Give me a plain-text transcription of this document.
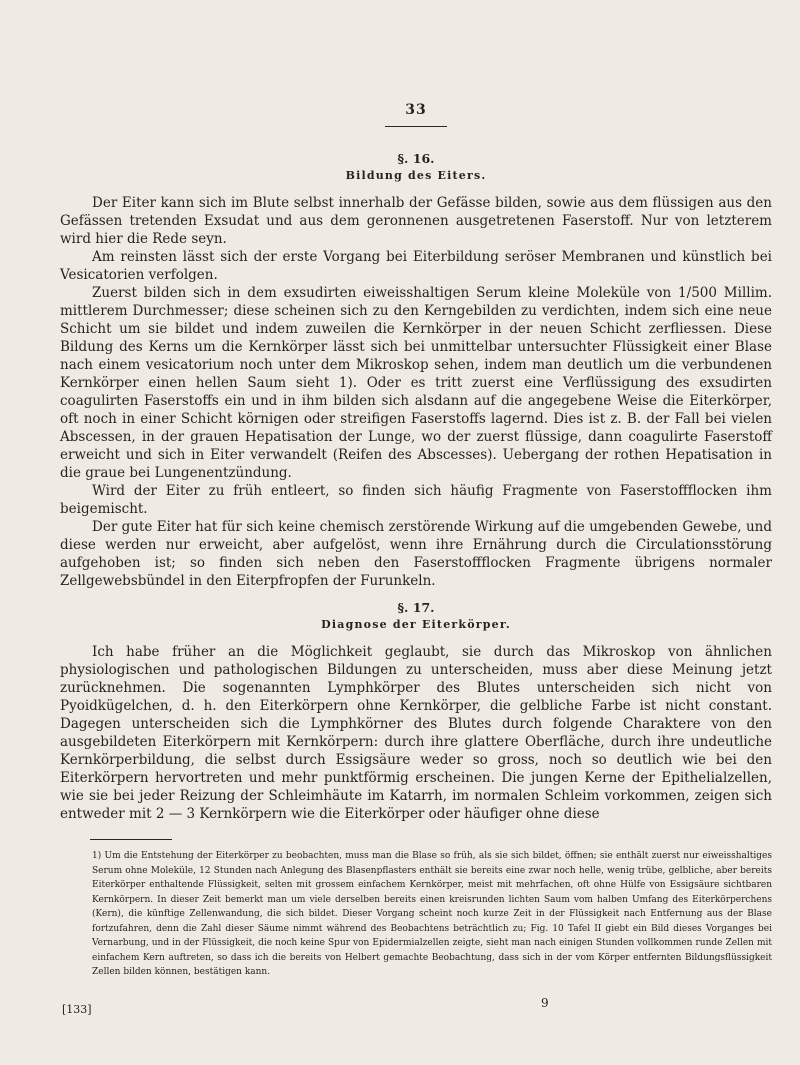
33
§. 16.
Bildung des Eiters.

Der Eiter kann sich im Blute selbst innerhalb der Gefässe bilden, sowie aus dem flüssigen aus den Gefässen tretenden Exsudat und aus dem geronnenen ausgetretenen Faserstoff. Nur von letzterem wird hier die Rede seyn.

Am reinsten lässt sich der erste Vorgang bei Eiterbildung seröser Membranen und künstlich bei Vesicatorien verfolgen.

Zuerst bilden sich in dem exsudirten eiweisshaltigen Serum kleine Moleküle von 1/500 Millim. mittlerem Durchmesser; diese scheinen sich zu den Kerngebilden zu verdichten, indem sich eine neue Schicht um sie bildet und indem zuweilen die Kernkörper in der neuen Schicht zerfliessen. Diese Bildung des Kerns um die Kernkörper lässt sich bei unmittelbar untersuchter Flüssigkeit einer Blase nach einem vesicatorium noch unter dem Mikroskop sehen, indem man deutlich um die verbundenen Kernkörper einen hellen Saum sieht 1). Oder es tritt zuerst eine Verflüssigung des exsudirten coagulirten Faserstoffs ein und in ihm bilden sich alsdann auf die angegebene Weise die Eiterkörper, oft noch in einer Schicht körnigen oder streifigen Faserstoffs lagernd. Dies ist z. B. der Fall bei vielen Abscessen, in der grauen Hepatisation der Lunge, wo der zuerst flüssige, dann coagulirte Faserstoff erweicht und sich in Eiter verwandelt (Reifen des Abscesses). Uebergang der rothen Hepatisation in die graue bei Lungenentzündung.

Wird der Eiter zu früh entleert, so finden sich häufig Fragmente von Faserstoffflocken ihm beigemischt.

Der gute Eiter hat für sich keine chemisch zerstörende Wirkung auf die umgebenden Gewebe, und diese werden nur erweicht, aber aufgelöst, wenn ihre Ernährung durch die Circulationsstörung aufgehoben ist; so finden sich neben den Faserstoffflocken Fragmente übrigens normaler Zellgewebsbündel in den Eiterpfropfen der Furunkeln.

§. 17.
Diagnose der Eiterkörper.

Ich habe früher an die Möglichkeit geglaubt, sie durch das Mikroskop von ähnlichen physiologischen und pathologischen Bildungen zu unterscheiden, muss aber diese Meinung jetzt zurücknehmen. Die sogenannten Lymphkörper des Blutes unterscheiden sich nicht von Pyoidkügelchen, d. h. den Eiterkörpern ohne Kernkörper, die gelbliche Farbe ist nicht constant. Dagegen unterscheiden sich die Lymphkörner des Blutes durch folgende Charaktere von den ausgebildeten Eiterkörpern mit Kernkörpern: durch ihre glattere Oberfläche, durch ihre undeutliche Kernkörperbildung, die selbst durch Essigsäure weder so gross, noch so deutlich wie bei den Eiterkörpern hervortreten und mehr punktförmig erscheinen. Die jungen Kerne der Epithelialzellen, wie sie bei jeder Reizung der Schleimhäute im Katarrh, im normalen Schleim vorkommen, zeigen sich entweder mit 2 — 3 Kernkörpern wie die Eiterkörper oder häufiger ohne diese

1) Um die Entstehung der Eiterkörper zu beobachten, muss man die Blase so früh, als sie sich bildet, öffnen; sie enthält zuerst nur eiweisshaltiges Serum ohne Moleküle, 12 Stunden nach Anlegung des Blasenpflasters enthält sie bereits eine zwar noch helle, wenig trübe, gelbliche, aber bereits Eiterkörper enthaltende Flüssigkeit, selten mit grossem einfachem Kernkörper, meist mit mehrfachen, oft ohne Hülfe von Essigsäure sichtbaren Kernkörpern. In dieser Zeit bemerkt man um viele derselben bereits einen kreisrunden lichten Saum vom halben Umfang des Eiterkörperchens (Kern), die künftige Zellenwandung, die sich bildet. Dieser Vorgang scheint noch kurze Zeit in der Flüssigkeit nach Entfernung aus der Blase fortzufahren, denn die Zahl dieser Säume nimmt während des Beobachtens beträchtlich zu; Fig. 10 Tafel II giebt ein Bild dieses Vorganges bei Vernarbung, und in der Flüssigkeit, die noch keine Spur von Epidermialzellen zeigte, sieht man nach einigen Stunden vollkommen runde Zellen mit einfachem Kern auftreten, so dass ich die bereits von Helbert gemachte Beobachtung, dass sich in der vom Körper entfernten Bildungsflüssigkeit Zellen bilden können, bestätigen kann.

[133]	9
